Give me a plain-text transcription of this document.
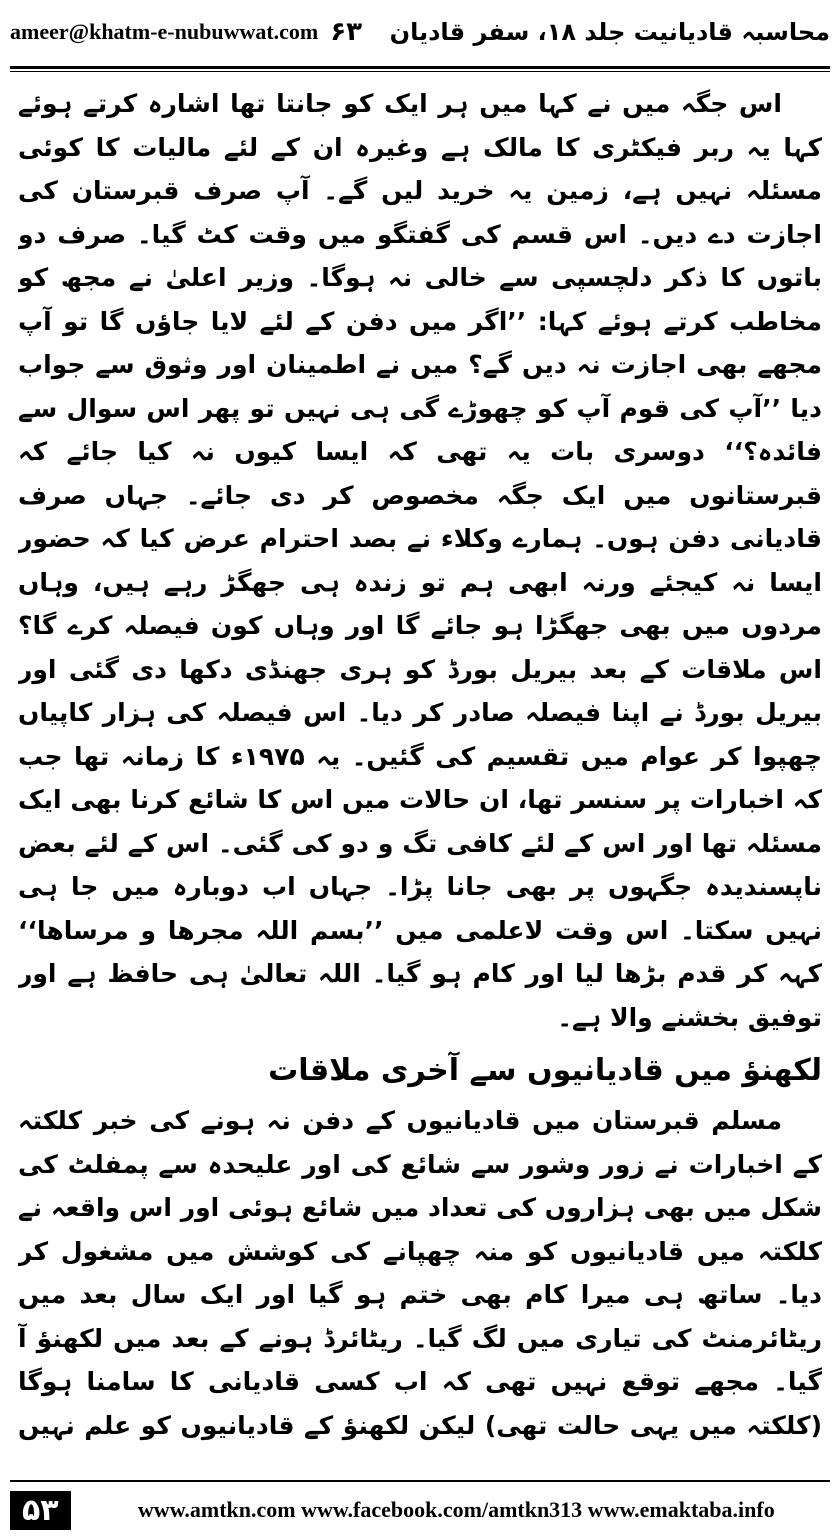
ameer@khatm-e-nubuwwat.com ۶۳	محاسبہ قادیانیت جلد ۱۸، سفر قادیان

اس جگہ میں نے کہا میں ہر ایک کو جانتا تھا اشارہ کرتے ہوئے کہا یہ ربر فیکٹری کا مالک ہے وغیرہ ان کے لئے مالیات کا کوئی مسئلہ نہیں ہے، زمین یہ خرید لیں گے۔ آپ صرف قبرستان کی اجازت دے دیں۔ اس قسم کی گفتگو میں وقت کٹ گیا۔ صرف دو باتوں کا ذکر دلچسپی سے خالی نہ ہوگا۔ وزیر اعلیٰ نے مجھ کو مخاطب کرتے ہوئے کہا: ’’اگر میں دفن کے لئے لایا جاؤں گا تو آپ مجھے بھی اجازت نہ دیں گے؟ میں نے اطمینان اور وثوق سے جواب دیا ’’آپ کی قوم آپ کو چھوڑے گی ہی نہیں تو پھر اس سوال سے فائدہ؟‘‘ دوسری بات یہ تھی کہ ایسا کیوں نہ کیا جائے کہ قبرستانوں میں ایک جگہ مخصوص کر دی جائے۔ جہاں صرف قادیانی دفن ہوں۔ ہمارے وکلاء نے بصد احترام عرض کیا کہ حضور ایسا نہ کیجئے ورنہ ابھی ہم تو زندہ ہی جھگڑ رہے ہیں، وہاں مردوں میں بھی جھگڑا ہو جائے گا اور وہاں کون فیصلہ کرے گا؟ اس ملاقات کے بعد بیریل بورڈ کو ہری جھنڈی دکھا دی گئی اور بیریل بورڈ نے اپنا فیصلہ صادر کر دیا۔ اس فیصلہ کی ہزار کاپیاں چھپوا کر عوام میں تقسیم کی گئیں۔ یہ ۱۹۷۵ء کا زمانہ تھا جب کہ اخبارات پر سنسر تھا، ان حالات میں اس کا شائع کرنا بھی ایک مسئلہ تھا اور اس کے لئے کافی تگ و دو کی گئی۔ اس کے لئے بعض ناپسندیدہ جگہوں پر بھی جانا پڑا۔ جہاں اب دوبارہ میں جا ہی نہیں سکتا۔ اس وقت لاعلمی میں ’’بسم اللہ مجرھا و مرساھا‘‘ کہہ کر قدم بڑھا لیا اور کام ہو گیا۔ اللہ تعالیٰ ہی حافظ ہے اور توفیق بخشنے والا ہے۔

لکھنؤ میں قادیانیوں سے آخری ملاقات

مسلم قبرستان میں قادیانیوں کے دفن نہ ہونے کی خبر کلکتہ کے اخبارات نے زور وشور سے شائع کی اور علیحدہ سے پمفلٹ کی شکل میں بھی ہزاروں کی تعداد میں شائع ہوئی اور اس واقعہ نے کلکتہ میں قادیانیوں کو منہ چھپانے کی کوشش میں مشغول کر دیا۔ ساتھ ہی میرا کام بھی ختم ہو گیا اور ایک سال بعد میں ریٹائرمنٹ کی تیاری میں لگ گیا۔ ریٹائرڈ ہونے کے بعد میں لکھنؤ آ گیا۔ مجھے توقع نہیں تھی کہ اب کسی قادیانی کا سامنا ہوگا (کلکتہ میں یہی حالت تھی) لیکن لکھنؤ کے قادیانیوں کو علم نہیں

۵۳	www.amtkn.com www.facebook.com/amtkn313 www.emaktaba.info
